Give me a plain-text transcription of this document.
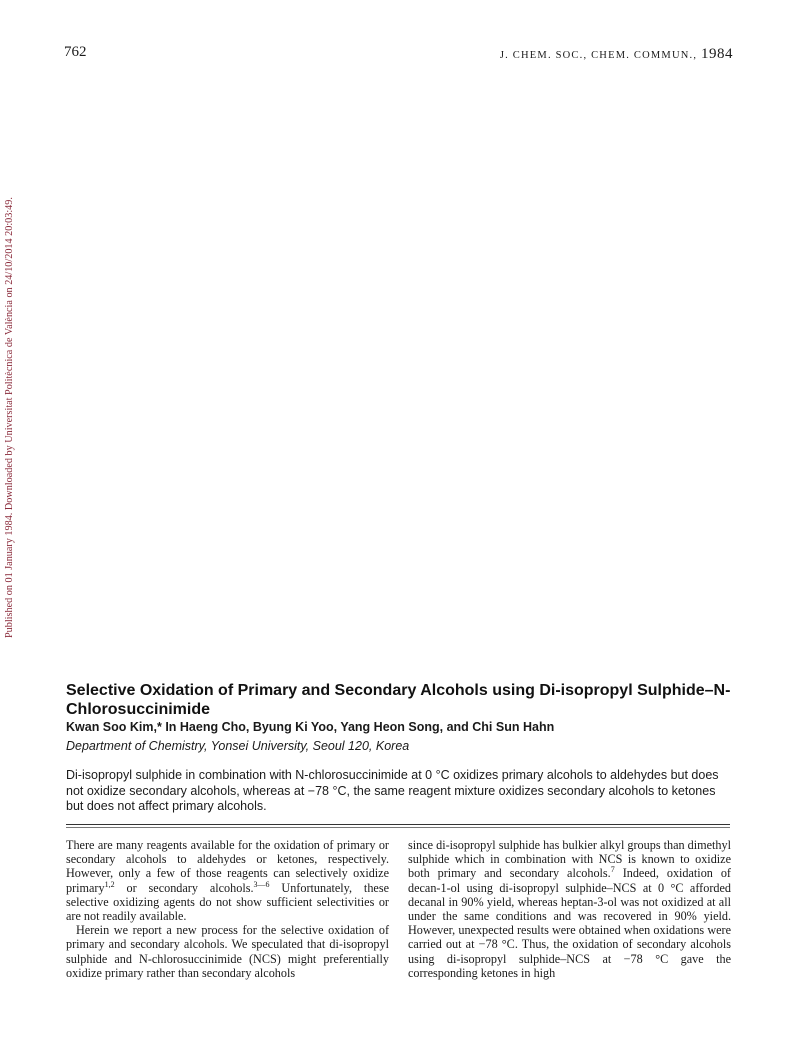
762	J. CHEM. SOC., CHEM. COMMUN., 1984
Published on 01 January 1984. Downloaded by Universitat Politècnica de València on 24/10/2014 20:03:49.
Selective Oxidation of Primary and Secondary Alcohols using Di-isopropyl Sulphide–N-Chlorosuccinimide

Kwan Soo Kim,* In Haeng Cho, Byung Ki Yoo, Yang Heon Song, and Chi Sun Hahn

Department of Chemistry, Yonsei University, Seoul 120, Korea

Di-isopropyl sulphide in combination with N-chlorosuccinimide at 0 °C oxidizes primary alcohols to aldehydes but does not oxidize secondary alcohols, whereas at −78 °C, the same reagent mixture oxidizes secondary alcohols to ketones but does not affect primary alcohols.

There are many reagents available for the oxidation of primary or secondary alcohols to aldehydes or ketones, respectively. However, only a few of those reagents can selectively oxidize primary$^{1,2}$ or secondary alcohols.$^{3—6}$ Unfortunately, these selective oxidizing agents do not show sufficient selectivities or are not readily available.

Herein we report a new process for the selective oxidation of primary and secondary alcohols. We speculated that di-isopropyl sulphide and N-chlorosuccinimide (NCS) might preferentially oxidize primary rather than secondary alcohols

since di-isopropyl sulphide has bulkier alkyl groups than dimethyl sulphide which in combination with NCS is known to oxidize both primary and secondary alcohols.$^7$ Indeed, oxidation of decan-1-ol using di-isopropyl sulphide–NCS at 0 °C afforded decanal in 90% yield, whereas heptan-3-ol was not oxidized at all under the same conditions and was recovered in 90% yield. However, unexpected results were obtained when oxidations were carried out at −78 °C. Thus, the oxidation of secondary alcohols using di-isopropyl sulphide–NCS at −78 °C gave the corresponding ketones in high
